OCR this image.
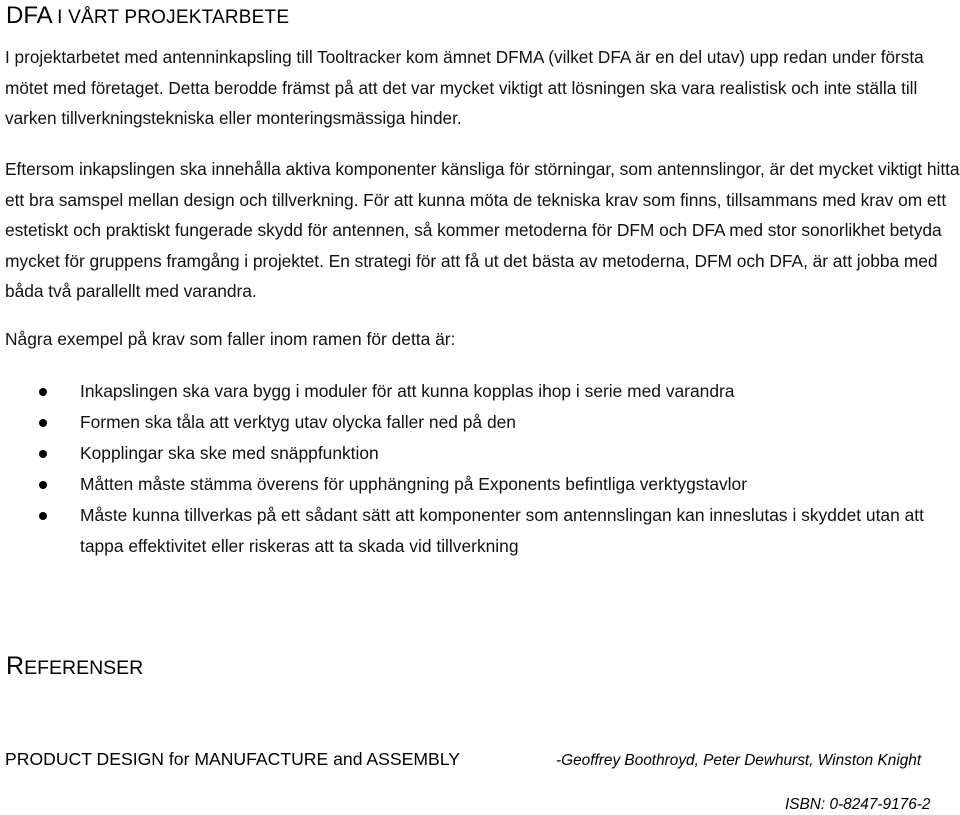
DFA I VÅRT PROJEKTARBETE
I projektarbetet med antenninkapsling till Tooltracker kom ämnet DFMA (vilket DFA är en del utav) upp redan under första mötet med företaget. Detta berodde främst på att det var mycket viktigt att lösningen ska vara realistisk och inte ställa till varken tillverkningstekniska eller monteringsmässiga hinder.
Eftersom inkapslingen ska innehålla aktiva komponenter känsliga för störningar, som antennslingor, är det mycket viktigt hitta ett bra samspel mellan design och tillverkning. För att kunna möta de tekniska krav som finns, tillsammans med krav om ett estetiskt och praktiskt fungerade skydd för antennen, så kommer metoderna för DFM och DFA med stor sonorlikhet betyda mycket för gruppens framgång i projektet. En strategi för att få ut det bästa av metoderna, DFM och DFA, är att jobba med båda två parallellt med varandra.
Några exempel på krav som faller inom ramen för detta är:
Inkapslingen ska vara bygg i moduler för att kunna kopplas ihop i serie med varandra
Formen ska tåla att verktyg utav olycka faller ned på den
Kopplingar ska ske med snäppfunktion
Måtten måste stämma överens för upphängning på Exponents befintliga verktygstavlor
Måste kunna tillverkas på ett sådant sätt att komponenter som antennslingan kan inneslutas i skyddet utan att tappa effektivitet eller riskeras att ta skada vid tillverkning
REFERENSER
PRODUCT DESIGN for MANUFACTURE and ASSEMBLY	-Geoffrey Boothroyd, Peter Dewhurst, Winston Knight
ISBN: 0-8247-9176-2
